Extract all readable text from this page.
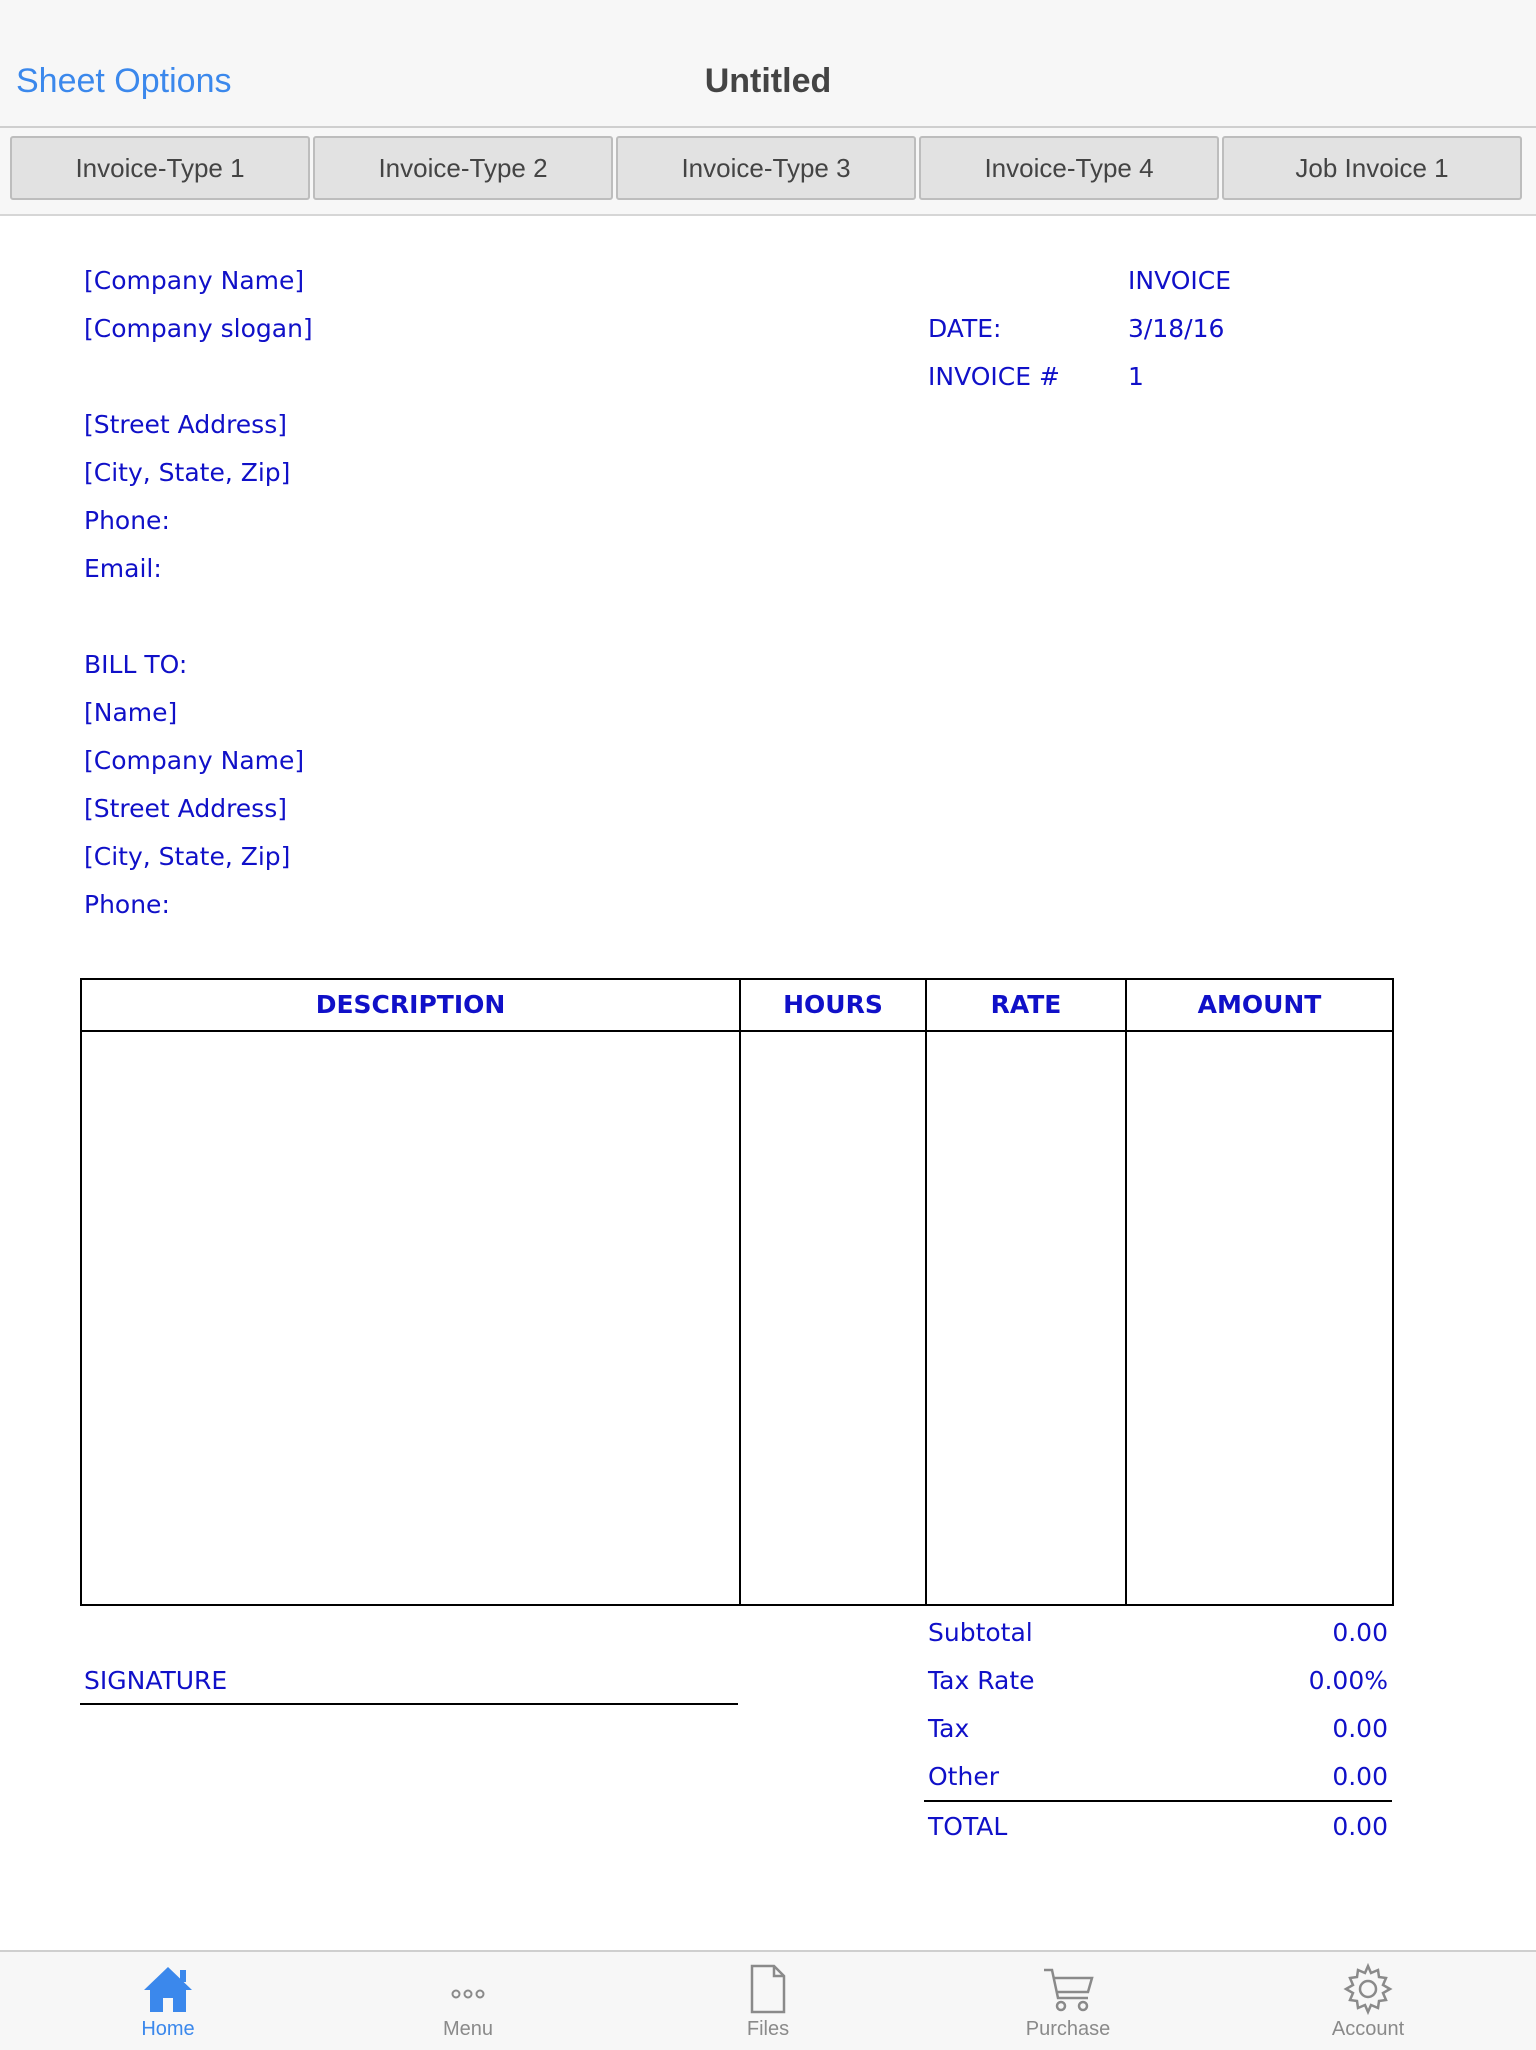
Sheet Options	Untitled
Invoice-Type 1	Invoice-Type 2	Invoice-Type 3	Invoice-Type 4	Job Invoice 1
[Company Name]
[Company slogan]
[Street Address]
[City, State, Zip]
Phone:
Email:
INVOICE
DATE:	3/18/16
INVOICE #	1
BILL TO:
[Name]
[Company Name]
[Street Address]
[City, State, Zip]
Phone:
DESCRIPTION	HOURS	RATE	AMOUNT
SIGNATURE
Subtotal	0.00
Tax Rate	0.00%
Tax	0.00
Other	0.00
TOTAL	0.00
Home	Menu	Files	Purchase	Account
